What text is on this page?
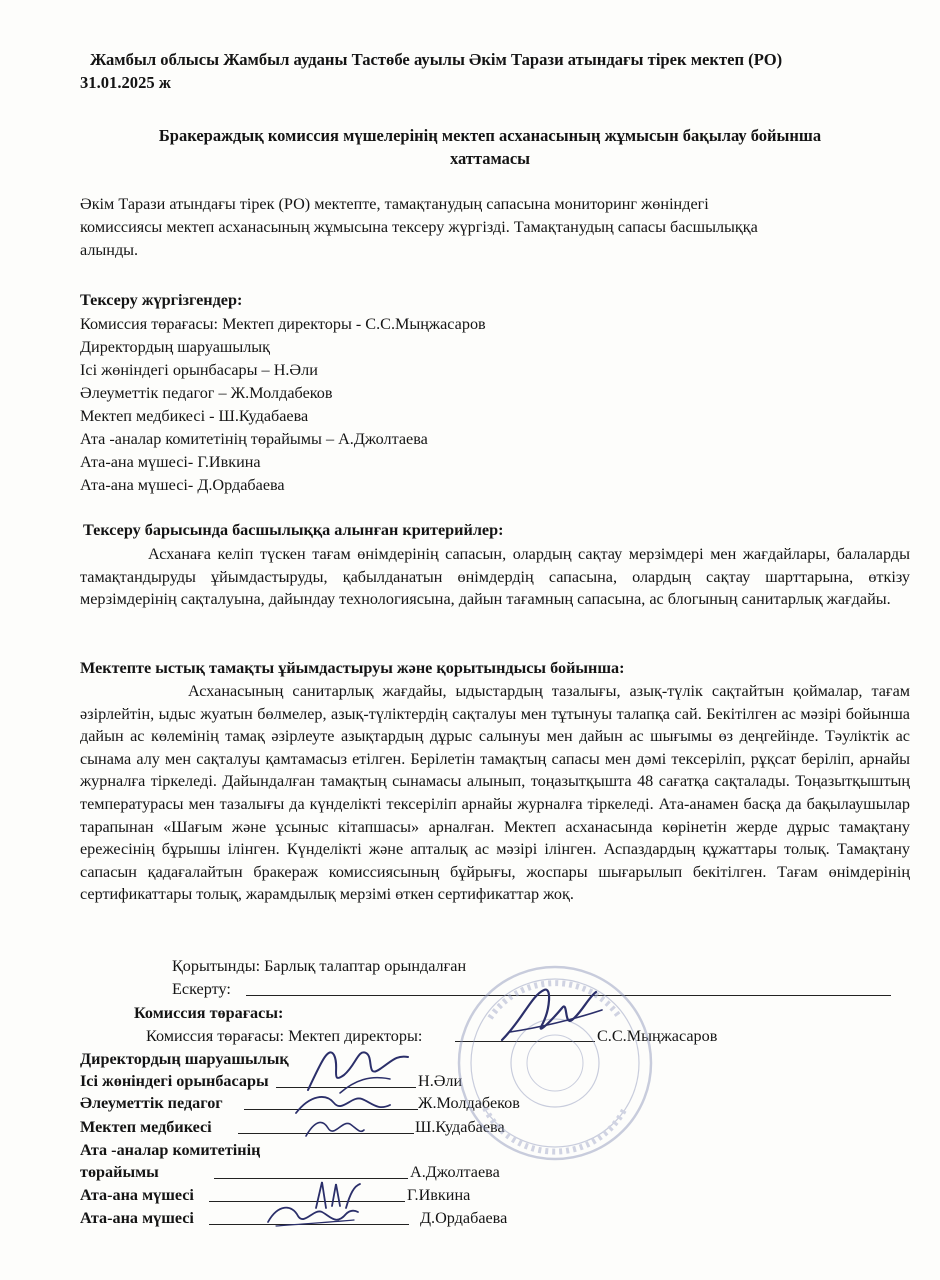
Жамбыл облысы Жамбыл ауданы Тастөбе ауылы Әкім Тарази атындағы тірек мектеп (РО)
31.01.2025 ж
Бракераждық комиссия мүшелерінің мектеп асханасының жұмысын бақылау бойынша
хаттамасы
Әкім Тарази атындағы тірек (РО) мектепте, тамақтанудың сапасына мониторинг жөніндегі
комиссиясы мектеп асханасының жұмысына тексеру жүргізді. Тамақтанудың сапасы басшылыққа
алынды.
Тексеру жүргізгендер:
Комиссия төрағасы: Мектеп директоры - С.С.Мыңжасаров
Директордың шаруашылық
Ісі жөніндегі орынбасары – Н.Әли
Әлеуметтік педагог – Ж.Молдабеков
Мектеп медбикесі - Ш.Кудабаева
Ата -аналар комитетінің төрайымы – А.Джолтаева
Ата-ана мүшесі- Г.Ивкина
Ата-ана мүшесі- Д.Ордабаева
Тексеру барысында басшылыққа алынған критерийлер:
Асханаға келіп түскен тағам өнімдерінің сапасын, олардың сақтау мерзімдері мен жағдайлары, балаларды тамақтандыруды ұйымдастыруды, қабылданатын өнімдердің сапасына, олардың сақтау шарттарына, өткізу мерзімдерінің сақталуына, дайындау технологиясына, дайын тағамның сапасына, ас блогының санитарлық жағдайы.
Мектепте ыстық тамақты ұйымдастыруы және қорытындысы бойынша:
Асханасының санитарлық жағдайы, ыдыстардың тазалығы, азық-түлік сақтайтын қоймалар, тағам әзірлейтін, ыдыс жуатын бөлмелер, азық-түліктердің сақталуы мен тұтынуы талапқа сай. Бекітілген ас мәзірі бойынша дайын ас көлемінің тамақ әзірлеуте азықтардың дұрыс салынуы мен дайын ас шығымы өз деңгейінде. Тәуліктік ас сынама алу мен сақталуы қамтамасыз етілген. Берілетін тамақтың сапасы мен дәмі тексеріліп, рұқсат беріліп, арнайы журналға тіркеледі. Дайындалған тамақтың сынамасы алынып, тоңазытқышта 48 сағатқа сақталады. Тоңазытқыштың температурасы мен тазалығы да күнделікті тексеріліп арнайы журналға тіркеледі. Ата-анамен басқа да бақылаушылар тарапынан «Шағым және ұсыныс кітапшасы» арналған. Мектеп асханасында көрінетін жерде дұрыс тамақтану ережесінің бұрышы ілінген. Күнделікті және апталық ас мәзірі ілінген. Аспаздардың құжаттары толық. Тамақтану сапасын қадағалайтын бракераж комиссиясының бұйрығы, жоспары шығарылып бекітілген. Тағам өнімдерінің сертификаттары толық, жарамдылық мерзімі өткен сертификаттар жоқ.
Қорытынды: Барлық талаптар орындалған
Ескерту:
Комиссия төрағасы:
Комиссия төрағасы: Мектеп директоры:	С.С.Мыңжасаров
Директордың шаруашылық
Ісі жөніндегі орынбасары	Н.Әли
Әлеуметтік педагог	Ж.Молдабеков
Мектеп медбикесі	Ш.Кудабаева
Ата -аналар комитетінің
төрайымы	А.Джолтаева
Ата-ана мүшесі	Г.Ивкина
Ата-ана мүшесі	Д.Ордабаева
